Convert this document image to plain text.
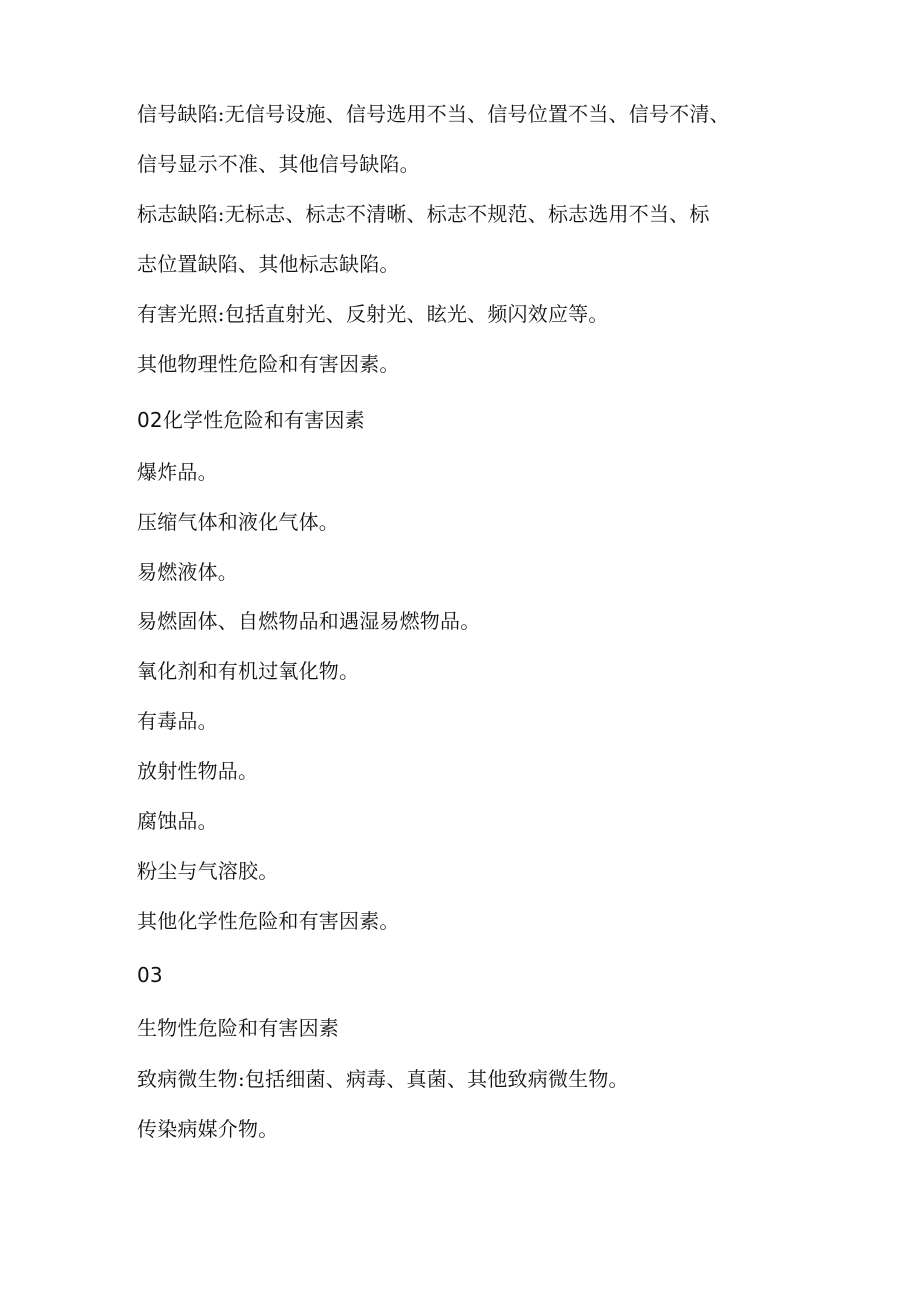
信号缺陷:无信号设施、信号选用不当、信号位置不当、信号不清、
信号显示不准、其他信号缺陷。
标志缺陷:无标志、标志不清晰、标志不规范、标志选用不当、标
志位置缺陷、其他标志缺陷。
有害光照:包括直射光、反射光、眩光、频闪效应等。
其他物理性危险和有害因素。
02化学性危险和有害因素
爆炸品。
压缩气体和液化气体。
易燃液体。
易燃固体、自燃物品和遇湿易燃物品。
氧化剂和有机过氧化物。
有毒品。
放射性物品。
腐蚀品。
粉尘与气溶胶。
其他化学性危险和有害因素。
03
生物性危险和有害因素
致病微生物:包括细菌、病毒、真菌、其他致病微生物。
传染病媒介物。
